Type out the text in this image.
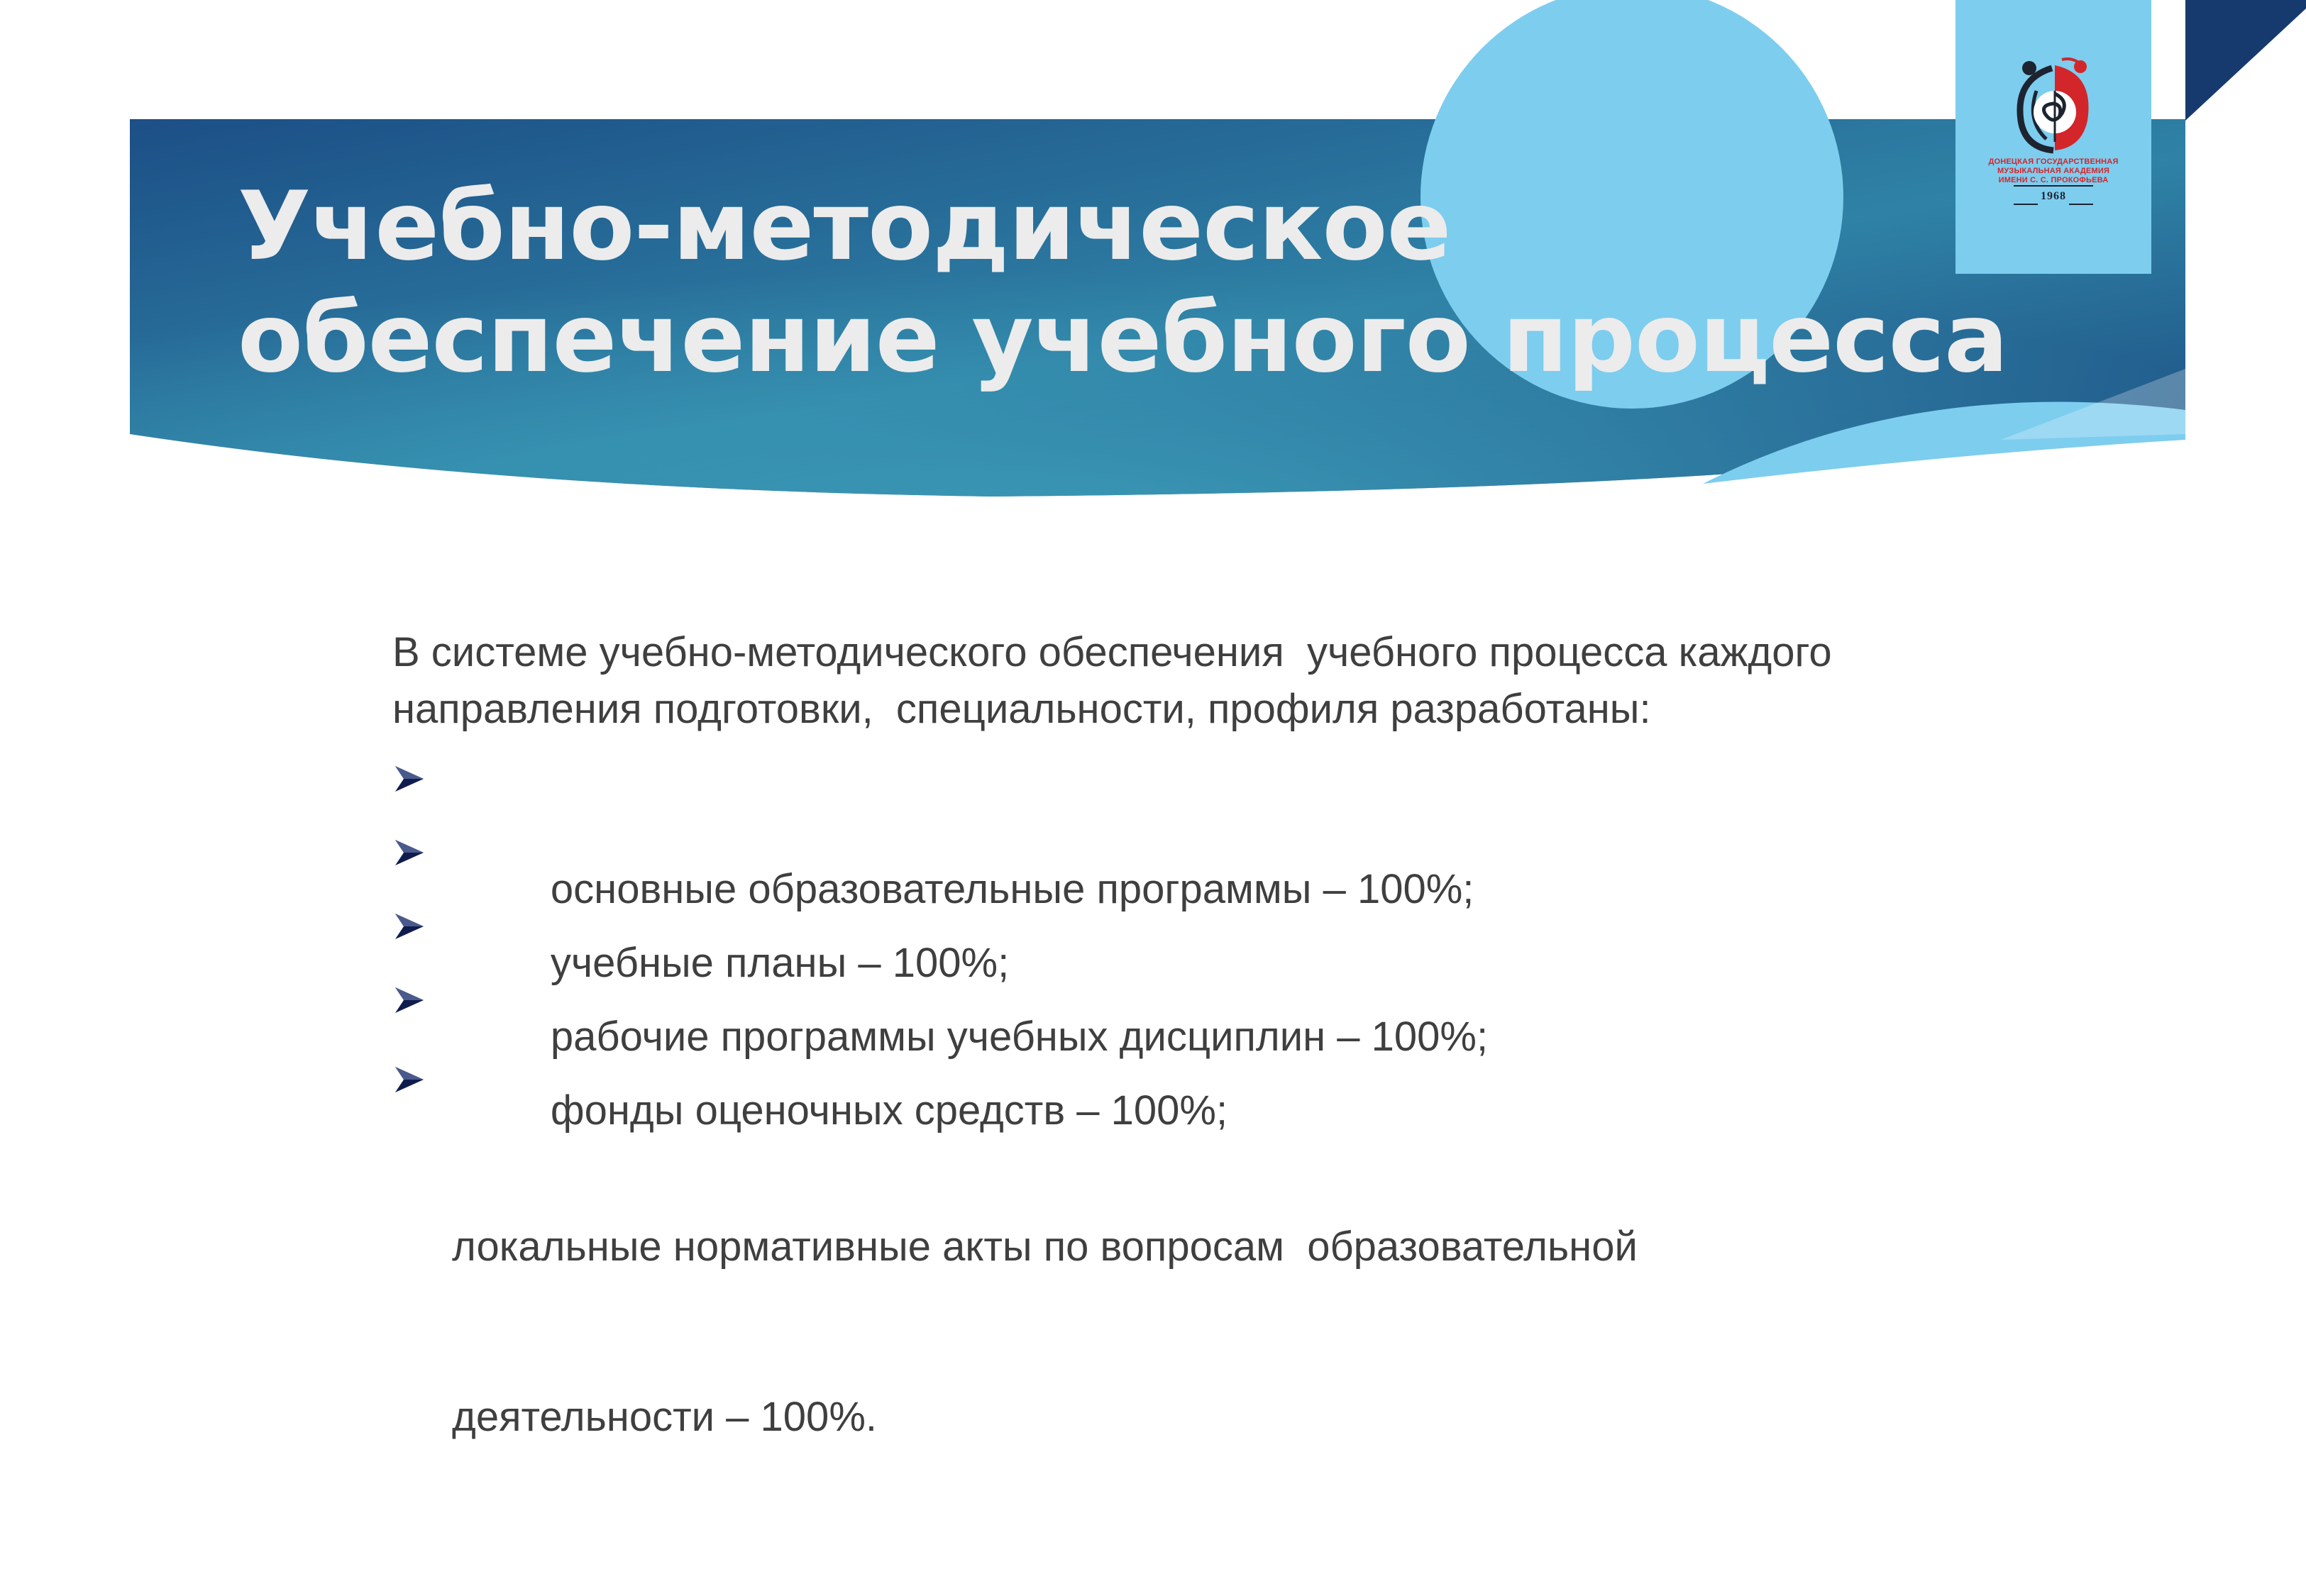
Учебно-методическое
обеспечение учебного процесса
ДОНЕЦКАЯ ГОСУДАРСТВЕННАЯ
МУЗЫКАЛЬНАЯ АКАДЕМИЯ
ИМЕНИ С. С. ПРОКОФЬЕВА
1968

В системе учебно-методического обеспечения  учебного процесса каждого
направления подготовки,  специальности, профиля разработаны:

основные образовательные программы – 100%;

учебные планы – 100%;

рабочие программы учебных дисциплин – 100%;

фонды оценочных средств – 100%;

локальные нормативные акты по вопросам  образовательной

деятельности – 100%.
